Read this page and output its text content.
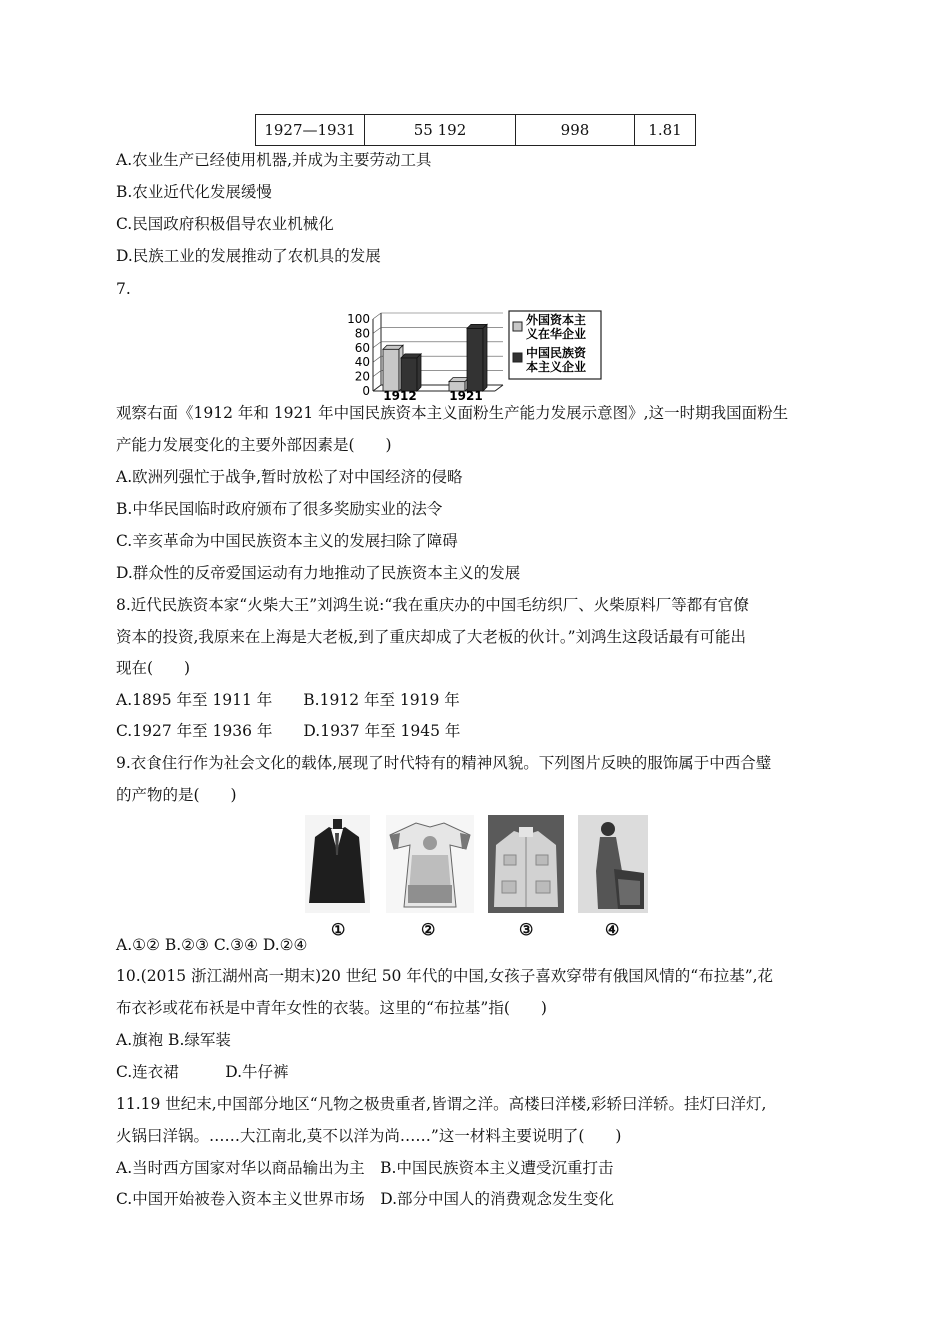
1927—1931	55 192	998	1.81
A.农业生产已经使用机器,并成为主要劳动工具
B.农业近代化发展缓慢
C.民国政府积极倡导农业机械化
D.民族工业的发展推动了农机具的发展
7.
0
20
40
60
80
100
1912	1921
外国资本主
义在华企业
中国民族资
本主义企业
观察右面《1912 年和 1921 年中国民族资本主义面粉生产能力发展示意图》,这一时期我国面粉生
产能力发展变化的主要外部因素是(　　)
A.欧洲列强忙于战争,暂时放松了对中国经济的侵略
B.中华民国临时政府颁布了很多奖励实业的法令
C.辛亥革命为中国民族资本主义的发展扫除了障碍
D.群众性的反帝爱国运动有力地推动了民族资本主义的发展
8.近代民族资本家“火柴大王”刘鸿生说:“我在重庆办的中国毛纺织厂、火柴原料厂等都有官僚
资本的投资,我原来在上海是大老板,到了重庆却成了大老板的伙计。”刘鸿生这段话最有可能出
现在(　　)
A.1895 年至 1911 年　　B.1912 年至 1919 年
C.1927 年至 1936 年　　D.1937 年至 1945 年
9.衣食住行作为社会文化的载体,展现了时代特有的精神风貌。下列图片反映的服饰属于中西合璧
的产物的是(　　)
①	②	③	④
A.①② B.②③ C.③④ D.②④
10.(2015 浙江湖州高一期末)20 世纪 50 年代的中国,女孩子喜欢穿带有俄国风情的“布拉基”,花
布衣衫或花布袄是中青年女性的衣装。这里的“布拉基”指(　　)
A.旗袍 B.绿军装
C.连衣裙　　　D.牛仔裤
11.19 世纪末,中国部分地区“凡物之极贵重者,皆谓之洋。高楼曰洋楼,彩轿曰洋轿。挂灯曰洋灯,
火锅曰洋锅。……大江南北,莫不以洋为尚……”这一材料主要说明了(　　)
A.当时西方国家对华以商品输出为主　B.中国民族资本主义遭受沉重打击
C.中国开始被卷入资本主义世界市场　D.部分中国人的消费观念发生变化
